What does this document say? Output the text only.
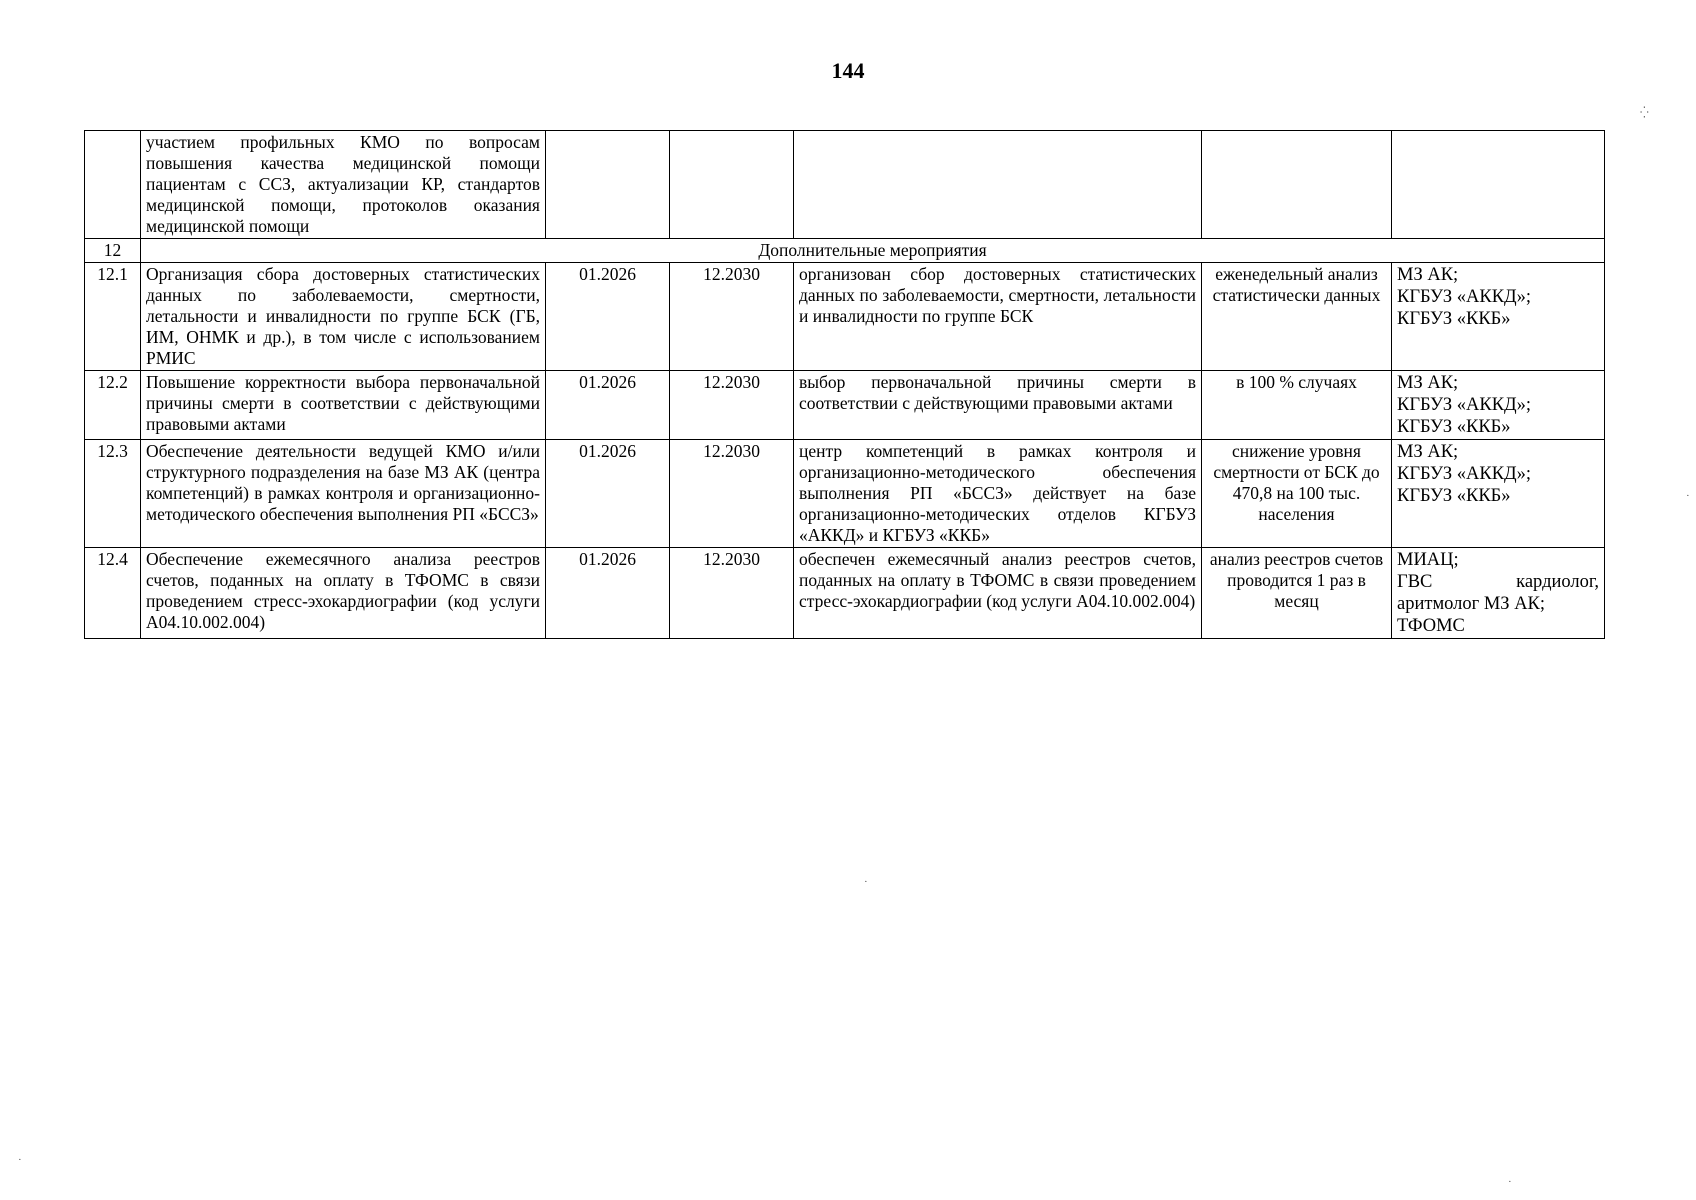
144
	участием профильных КМО по вопросам повышения качества медицинской помощи пациентам с ССЗ, актуализации КР, стандартов медицинской помощи, протоколов оказания медицинской помощи					
12	Дополнительные мероприятия					
12.1	Организация сбора достоверных статистических данных по заболеваемости, смертности, летальности и инвалидности по группе БСК (ГБ, ИМ, ОНМК и др.), в том числе с использованием РМИС	01.2026	12.2030	организован сбор достоверных статистических данных по заболеваемости, смертности, летальности и инвалидности по группе БСК	еженедельный анализ статистически данных	МЗ АК;
КГБУЗ «АККД»;
КГБУЗ «ККБ»

12.2	Повышение корректности выбора первоначальной причины смерти в соответствии с действующими правовыми актами	01.2026	12.2030	выбор первоначальной причины смерти в соответствии с действующими правовыми актами	в 100 % случаях	МЗ АК;
КГБУЗ «АККД»;
КГБУЗ «ККБ»

12.3	Обеспечение деятельности ведущей КМО и/или структурного подразделения на базе МЗ АК (центра компетенций) в рамках контроля и организационно-методического обеспечения выполнения РП «БССЗ»	01.2026	12.2030	центр компетенций в рамках контроля и организационно-методического обеспечения выполнения РП «БССЗ» действует на базе организационно-методических отделов КГБУЗ «АККД» и КГБУЗ «ККБ»	снижение уровня смертности от БСК до 470,8 на 100 тыс. населения	МЗ АК;
КГБУЗ «АККД»;
КГБУЗ «ККБ»

12.4	Обеспечение ежемесячного анализа реестров счетов, поданных на оплату в ТФОМС в связи проведением стресс-эхокардиографии (код услуги А04.10.002.004)	01.2026	12.2030	обеспечен ежемесячный анализ реестров счетов, поданных на оплату в ТФОМС в связи проведением стресс-эхокардиографии (код услуги А04.10.002.004)	анализ реестров счетов проводится 1 раз в месяц	МИАЦ;
ГВС кардиолог,
аритмолог МЗ АК;
ТФОМС
⁛
·
·
·
·
